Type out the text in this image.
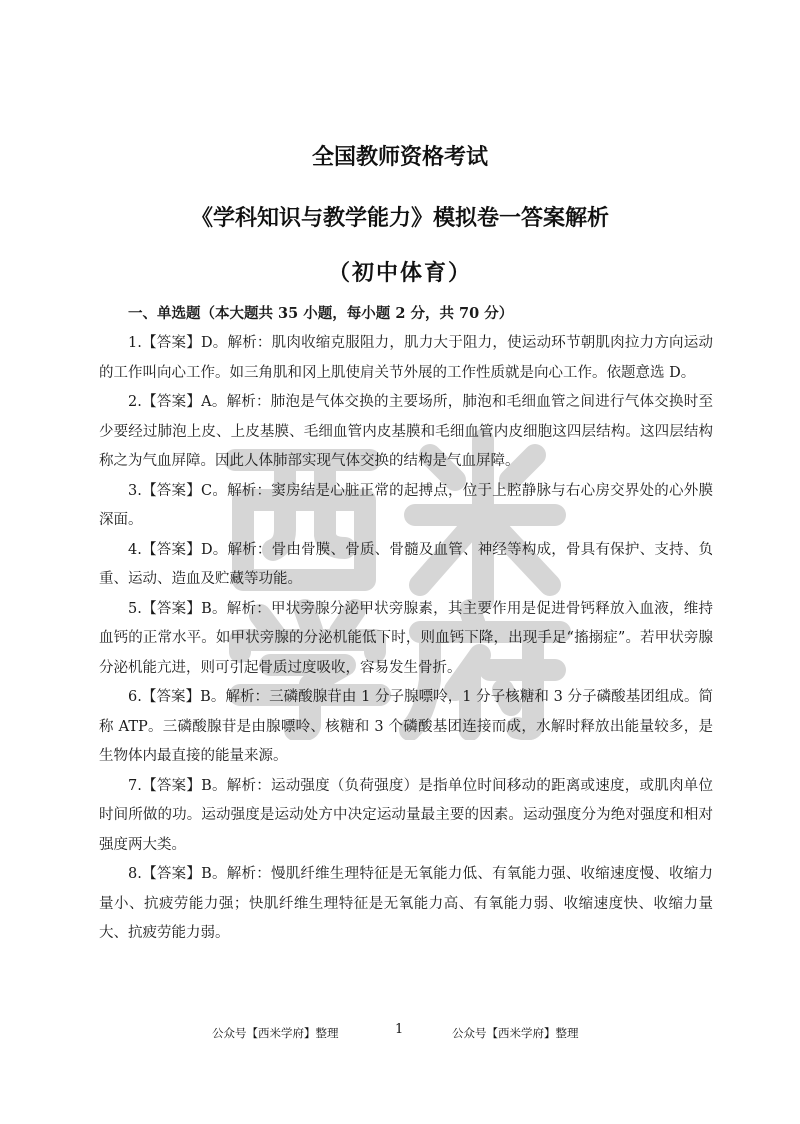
全国教师资格考试
《学科知识与教学能力》模拟卷一答案解析
（初中体育）
一、单选题（本大题共 35 小题，每小题 2 分，共 70 分）

1.【答案】D。解析：肌肉收缩克服阻力，肌力大于阻力，使运动环节朝肌肉拉力方向运动的工作叫向心工作。如三角肌和冈上肌使肩关节外展的工作性质就是向心工作。依题意选 D。

2.【答案】A。解析：肺泡是气体交换的主要场所，肺泡和毛细血管之间进行气体交换时至少要经过肺泡上皮、上皮基膜、毛细血管内皮基膜和毛细血管内皮细胞这四层结构。这四层结构称之为气血屏障。因此人体肺部实现气体交换的结构是气血屏障。

3.【答案】C。解析：窦房结是心脏正常的起搏点，位于上腔静脉与右心房交界处的心外膜深面。

4.【答案】D。解析：骨由骨膜、骨质、骨髓及血管、神经等构成，骨具有保护、支持、负重、运动、造血及贮藏等功能。

5.【答案】B。解析：甲状旁腺分泌甲状旁腺素，其主要作用是促进骨钙释放入血液，维持血钙的正常水平。如甲状旁腺的分泌机能低下时，则血钙下降，出现手足“搐搦症”。若甲状旁腺分泌机能亢进，则可引起骨质过度吸收，容易发生骨折。

6.【答案】B。解析：三磷酸腺苷由 1 分子腺嘌呤，1 分子核糖和 3 分子磷酸基团组成。简称 ATP。三磷酸腺苷是由腺嘌呤、核糖和 3 个磷酸基团连接而成，水解时释放出能量较多，是生物体内最直接的能量来源。

7.【答案】B。解析：运动强度（负荷强度）是指单位时间移动的距离或速度，或肌肉单位时间所做的功。运动强度是运动处方中决定运动量最主要的因素。运动强度分为绝对强度和相对强度两大类。

8.【答案】B。解析：慢肌纤维生理特征是无氧能力低、有氧能力强、收缩速度慢、收缩力量小、抗疲劳能力强；快肌纤维生理特征是无氧能力高、有氧能力弱、收缩速度快、收缩力量大、抗疲劳能力弱。

公众号【西米学府】整理	1	公众号【西米学府】整理
